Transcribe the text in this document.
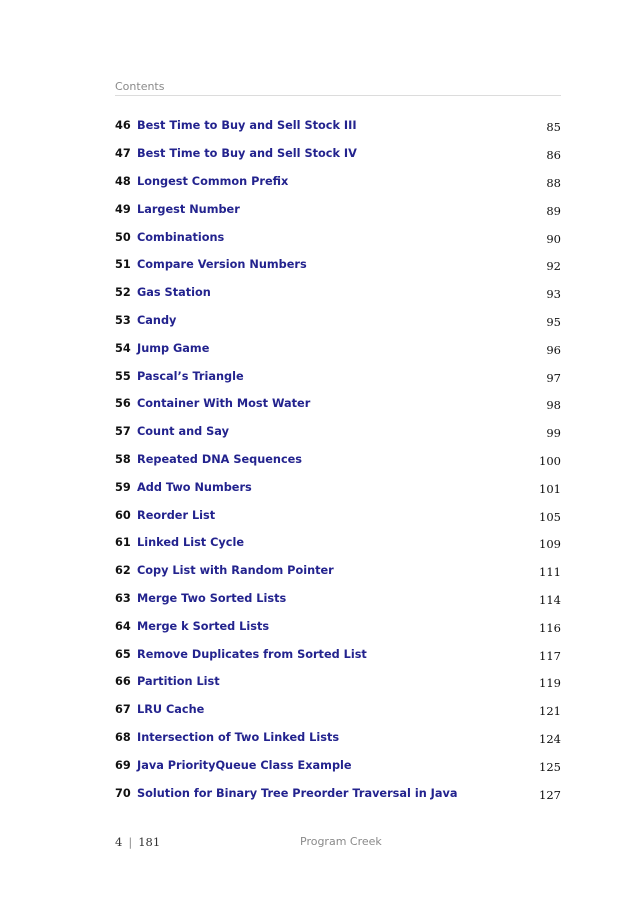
Contents
46 Best Time to Buy and Sell Stock III	85
47 Best Time to Buy and Sell Stock IV	86
48 Longest Common Prefix	88
49 Largest Number	89
50 Combinations	90
51 Compare Version Numbers	92
52 Gas Station	93
53 Candy	95
54 Jump Game	96
55 Pascal’s Triangle	97
56 Container With Most Water	98
57 Count and Say	99
58 Repeated DNA Sequences	100
59 Add Two Numbers	101
60 Reorder List	105
61 Linked List Cycle	109
62 Copy List with Random Pointer	111
63 Merge Two Sorted Lists	114
64 Merge k Sorted Lists	116
65 Remove Duplicates from Sorted List	117
66 Partition List	119
67 LRU Cache	121
68 Intersection of Two Linked Lists	124
69 Java PriorityQueue Class Example	125
70 Solution for Binary Tree Preorder Traversal in Java	127
4 | 181	Program Creek
